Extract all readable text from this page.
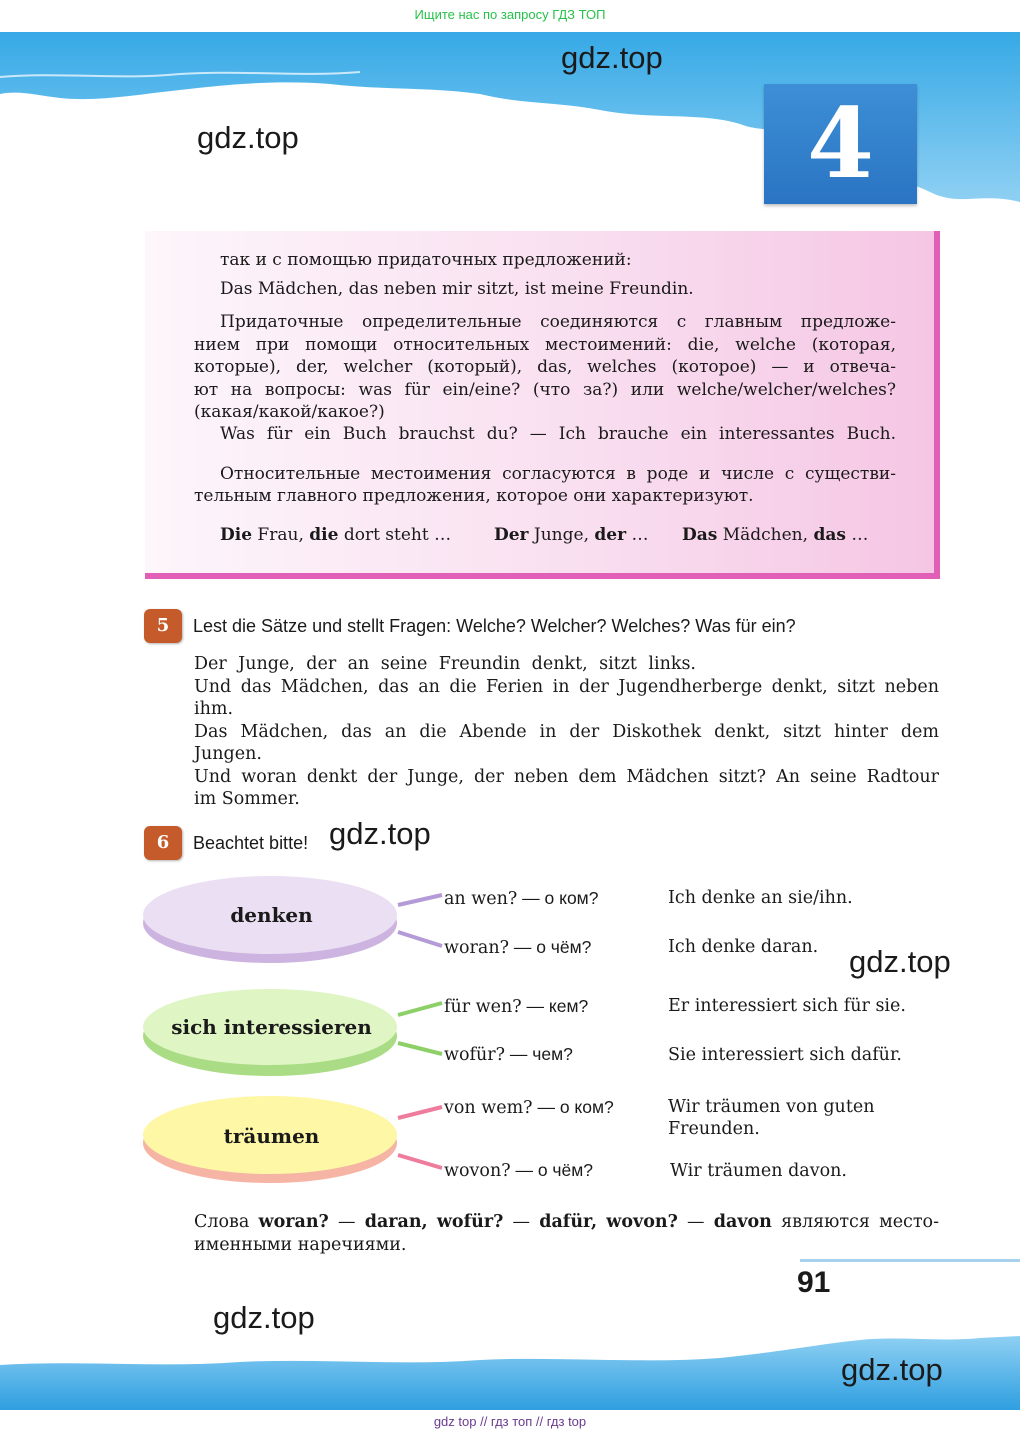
Ищите нас по запросу ГДЗ ТОП
4
gdz.top
gdz.top
gdz.top
gdz.top
gdz.top
gdz.top
так и с помощью придаточных предложений:
Das Mädchen, das neben mir sitzt, ist meine Freundin.
Придаточные определительные соединяются с главным предложе-
нием при помощи относительных местоимений: die, welche (которая,
которые), der, welcher (который), das, welches (которое) — и отвеча-
ют на вопросы: was für ein/eine? (что за?) или welche/welcher/welches?
(какая/какой/какое?)
Was für ein Buch brauchst du? — Ich brauche ein interessantes Buch.
Относительные местоимения согласуются в роде и числе с существи-
тельным главного предложения, которое они характеризуют.
Die Frau, die dort steht …	Der Junge, der … Das Mädchen, das …
5	Lest die Sätze und stellt Fragen: Welche? Welcher? Welches? Was für ein?
Der Junge, der an seine Freundin denkt, sitzt links.
Und das Mädchen, das an die Ferien in der Jugendherberge denkt, sitzt neben
ihm.
Das Mädchen, das an die Abende in der Diskothek denkt, sitzt hinter dem
Jungen.
Und woran denkt der Junge, der neben dem Mädchen sitzt? An seine Radtour
im Sommer.
6	Beachtet bitte!
denken
sich interessieren
träumen
an wen? — о ком?	Ich denke an sie/ihn.
woran? — о чём?	Ich denke daran.
für wen? — кем?	Er interessiert sich für sie.
wofür? — чем?	Sie interessiert sich dafür.
von wem? — о ком?	Wir träumen von guten
Freunden.
wovon? — о чём?	Wir träumen davon.
Слова woran? — daran, wofür? — dafür, wovon? — davon являются место-
именными наречиями.
91
gdz top // гдз топ // гдз top
